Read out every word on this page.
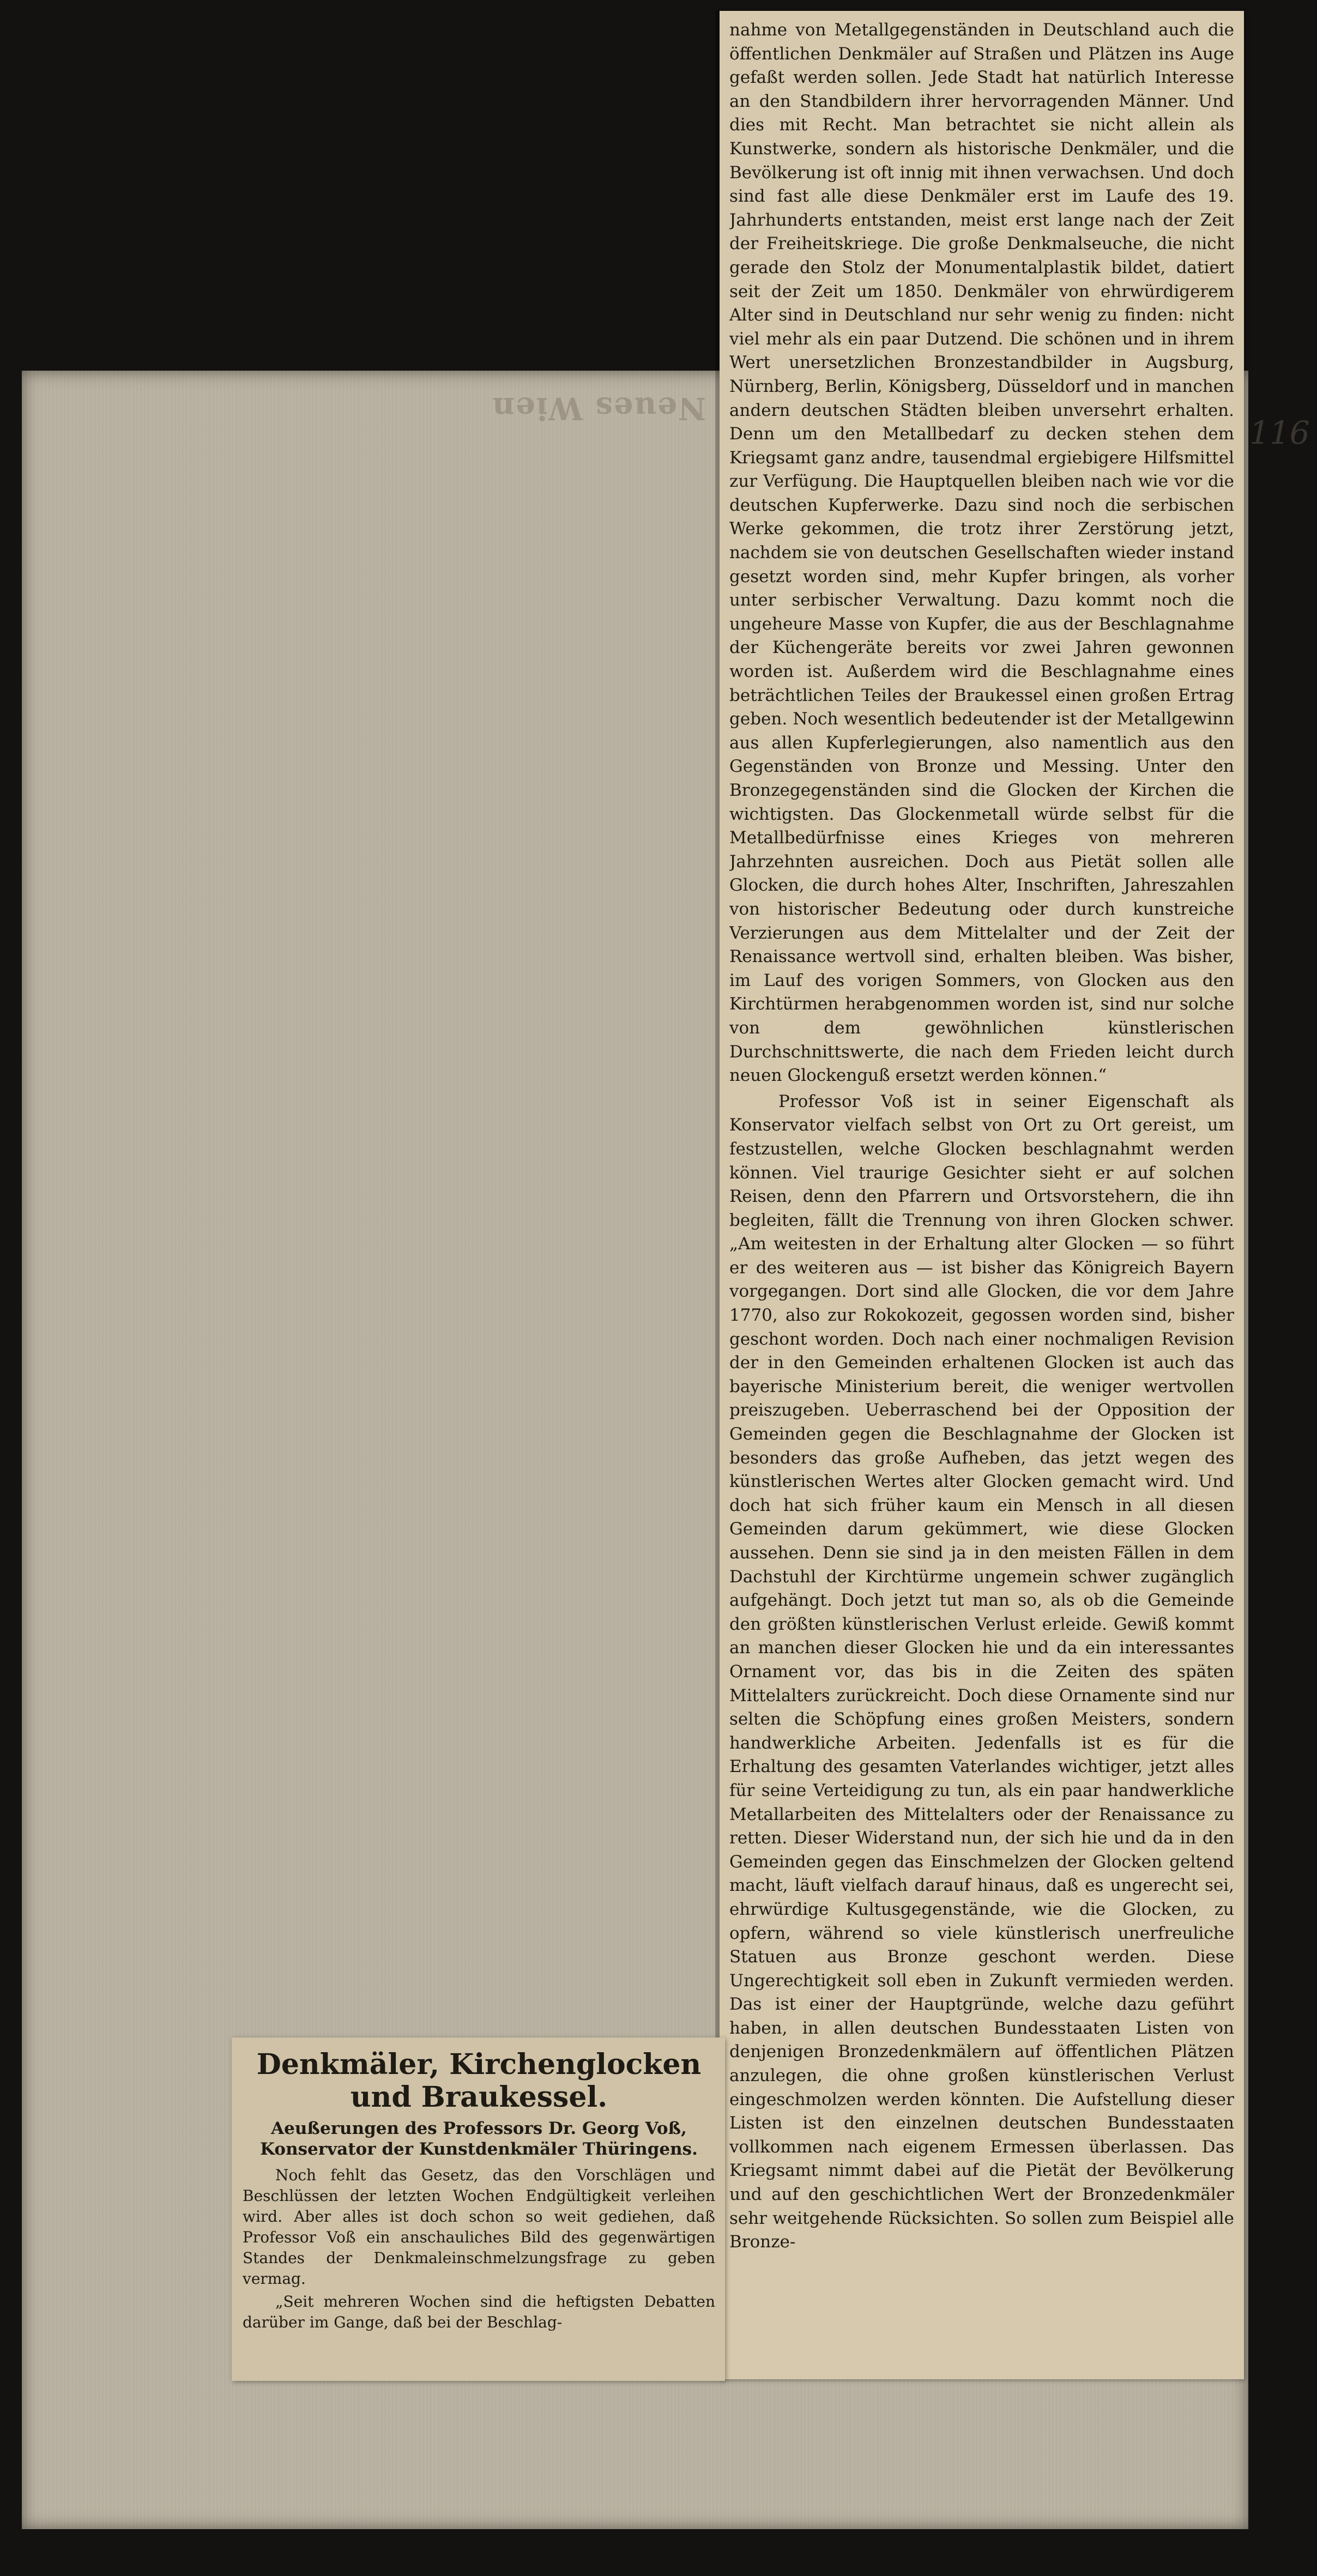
Neues Wien
116

nahme von Metallgegenständen in Deutschland auch die öffentlichen Denkmäler auf Straßen und Plätzen ins Auge gefaßt werden sollen. Jede Stadt hat natürlich Interesse an den Standbildern ihrer hervorragenden Männer. Und dies mit Recht. Man betrachtet sie nicht allein als Kunstwerke, sondern als historische Denkmäler, und die Bevölkerung ist oft innig mit ihnen verwachsen. Und doch sind fast alle diese Denkmäler erst im Laufe des 19. Jahrhunderts entstanden, meist erst lange nach der Zeit der Freiheitskriege. Die große Denkmalseuche, die nicht gerade den Stolz der Monumentalplastik bildet, datiert seit der Zeit um 1850. Denkmäler von ehrwürdigerem Alter sind in Deutschland nur sehr wenig zu finden: nicht viel mehr als ein paar Dutzend. Die schönen und in ihrem Wert unersetzlichen Bronzestandbilder in Augsburg, Nürnberg, Berlin, Königsberg, Düsseldorf und in manchen andern deutschen Städten bleiben unversehrt erhalten. Denn um den Metallbedarf zu decken stehen dem Kriegsamt ganz andre, tausendmal ergiebigere Hilfsmittel zur Verfügung. Die Hauptquellen bleiben nach wie vor die deutschen Kupferwerke. Dazu sind noch die serbischen Werke gekommen, die trotz ihrer Zerstörung jetzt, nachdem sie von deutschen Gesellschaften wieder instand gesetzt worden sind, mehr Kupfer bringen, als vorher unter serbischer Verwaltung. Dazu kommt noch die ungeheure Masse von Kupfer, die aus der Beschlagnahme der Küchengeräte bereits vor zwei Jahren gewonnen worden ist. Außerdem wird die Beschlagnahme eines beträchtlichen Teiles der Braukessel einen großen Ertrag geben. Noch wesentlich bedeutender ist der Metallgewinn aus allen Kupferlegierungen, also namentlich aus den Gegenständen von Bronze und Messing. Unter den Bronzegegenständen sind die Glocken der Kirchen die wichtigsten. Das Glockenmetall würde selbst für die Metallbedürfnisse eines Krieges von mehreren Jahrzehnten ausreichen. Doch aus Pietät sollen alle Glocken, die durch hohes Alter, Inschriften, Jahreszahlen von historischer Bedeutung oder durch kunstreiche Verzierungen aus dem Mittelalter und der Zeit der Renaissance wertvoll sind, erhalten bleiben. Was bisher, im Lauf des vorigen Sommers, von Glocken aus den Kirchtürmen herabgenommen worden ist, sind nur solche von dem gewöhnlichen künstlerischen Durchschnittswerte, die nach dem Frieden leicht durch neuen Glockenguß ersetzt werden können.“

Professor Voß ist in seiner Eigenschaft als Konservator vielfach selbst von Ort zu Ort gereist, um festzustellen, welche Glocken beschlagnahmt werden können. Viel traurige Gesichter sieht er auf solchen Reisen, denn den Pfarrern und Ortsvorstehern, die ihn begleiten, fällt die Trennung von ihren Glocken schwer. „Am weitesten in der Erhaltung alter Glocken — so führt er des weiteren aus — ist bisher das Königreich Bayern vorgegangen. Dort sind alle Glocken, die vor dem Jahre 1770, also zur Rokokozeit, gegossen worden sind, bisher geschont worden. Doch nach einer nochmaligen Revision der in den Gemeinden erhaltenen Glocken ist auch das bayerische Ministerium bereit, die weniger wertvollen preiszugeben. Ueberraschend bei der Opposition der Gemeinden gegen die Beschlagnahme der Glocken ist besonders das große Aufheben, das jetzt wegen des künstlerischen Wertes alter Glocken gemacht wird. Und doch hat sich früher kaum ein Mensch in all diesen Gemeinden darum gekümmert, wie diese Glocken aussehen. Denn sie sind ja in den meisten Fällen in dem Dachstuhl der Kirchtürme ungemein schwer zugänglich aufgehängt. Doch jetzt tut man so, als ob die Gemeinde den größten künstlerischen Verlust erleide. Gewiß kommt an manchen dieser Glocken hie und da ein interessantes Ornament vor, das bis in die Zeiten des späten Mittelalters zurückreicht. Doch diese Ornamente sind nur selten die Schöpfung eines großen Meisters, sondern handwerkliche Arbeiten. Jedenfalls ist es für die Erhaltung des gesamten Vaterlandes wichtiger, jetzt alles für seine Verteidigung zu tun, als ein paar handwerkliche Metallarbeiten des Mittelalters oder der Renaissance zu retten. Dieser Widerstand nun, der sich hie und da in den Gemeinden gegen das Einschmelzen der Glocken geltend macht, läuft vielfach darauf hinaus, daß es ungerecht sei, ehrwürdige Kultusgegenstände, wie die Glocken, zu opfern, während so viele künstlerisch unerfreuliche Statuen aus Bronze geschont werden. Diese Ungerechtigkeit soll eben in Zukunft vermieden werden. Das ist einer der Hauptgründe, welche dazu geführt haben, in allen deutschen Bundesstaaten Listen von denjenigen Bronzedenkmälern auf öffentlichen Plätzen anzulegen, die ohne großen künstlerischen Verlust eingeschmolzen werden könnten. Die Aufstellung dieser Listen ist den einzelnen deutschen Bundesstaaten vollkommen nach eigenem Ermessen überlassen. Das Kriegsamt nimmt dabei auf die Pietät der Bevölkerung und auf den geschichtlichen Wert der Bronzedenkmäler sehr weitgehende Rücksichten. So sollen zum Beispiel alle Bronze-

Denkmäler, Kirchenglocken und Braukessel.
Aeußerungen des Professors Dr. Georg Voß, Konservator der Kunstdenkmäler Thüringens.

Noch fehlt das Gesetz, das den Vorschlägen und Beschlüssen der letzten Wochen Endgültigkeit verleihen wird. Aber alles ist doch schon so weit gediehen, daß Professor Voß ein anschauliches Bild des gegenwärtigen Standes der Denkmaleinschmelzungsfrage zu geben vermag.

„Seit mehreren Wochen sind die heftigsten Debatten darüber im Gange, daß bei der Beschlag-
